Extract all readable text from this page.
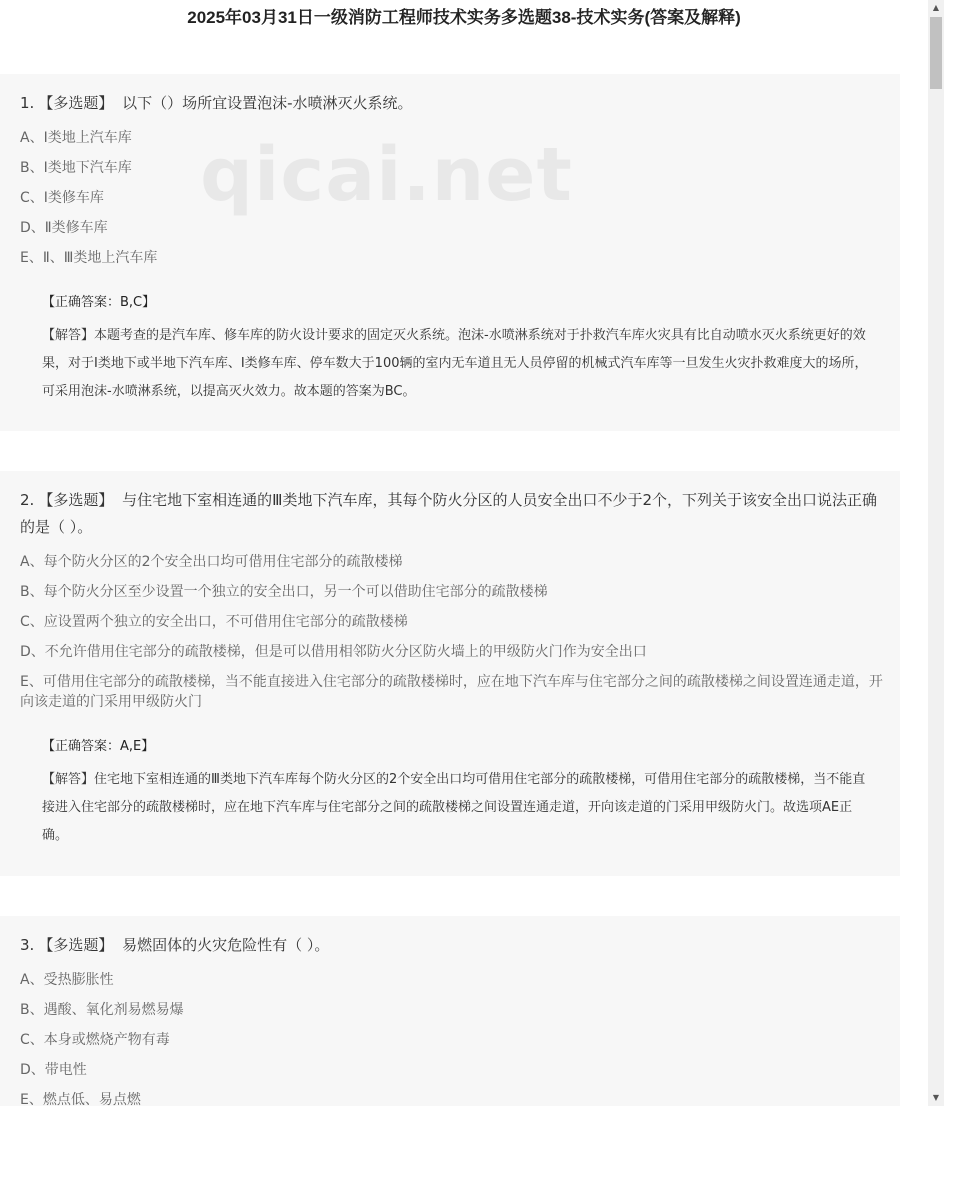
2025年03月31日一级消防工程师技术实务多选题38-技术实务(答案及解释)

1. 【多选题】 以下（）场所宜设置泡沫-水喷淋灭火系统。

A、Ⅰ类地上汽车库
B、Ⅰ类地下汽车库
C、Ⅰ类修车库
D、Ⅱ类修车库
E、Ⅱ、Ⅲ类地上汽车库
【正确答案：B,C】

【解答】本题考查的是汽车库、修车库的防火设计要求的固定灭火系统。泡沫-水喷淋系统对于扑救汽车库火灾具有比自动喷水灭火系统更好的效果，对于Ⅰ类地下或半地下汽车库、Ⅰ类修车库、停车数大于100辆的室内无车道且无人员停留的机械式汽车库等一旦发生火灾扑救难度大的场所，可采用泡沫-水喷淋系统，以提高灭火效力。故本题的答案为BC。

2. 【多选题】 与住宅地下室相连通的Ⅲ类地下汽车库，其每个防火分区的人员安全出口不少于2个，下列关于该安全出口说法正确的是（ ）。

A、每个防火分区的2个安全出口均可借用住宅部分的疏散楼梯
B、每个防火分区至少设置一个独立的安全出口，另一个可以借助住宅部分的疏散楼梯
C、应设置两个独立的安全出口，不可借用住宅部分的疏散楼梯
D、不允许借用住宅部分的疏散楼梯，但是可以借用相邻防火分区防火墙上的甲级防火门作为安全出口
E、可借用住宅部分的疏散楼梯，当不能直接进入住宅部分的疏散楼梯时，应在地下汽车库与住宅部分之间的疏散楼梯之间设置连通走道，开向该走道的门采用甲级防火门
【正确答案：A,E】

【解答】住宅地下室相连通的Ⅲ类地下汽车库每个防火分区的2个安全出口均可借用住宅部分的疏散楼梯，可借用住宅部分的疏散楼梯，当不能直接进入住宅部分的疏散楼梯时，应在地下汽车库与住宅部分之间的疏散楼梯之间设置连通走道，开向该走道的门采用甲级防火门。故选项AE正确。

3. 【多选题】 易燃固体的火灾危险性有（ ）。

A、受热膨胀性
B、遇酸、氧化剂易燃易爆
C、本身或燃烧产物有毒
D、带电性
E、燃点低、易点燃
▲
▼
